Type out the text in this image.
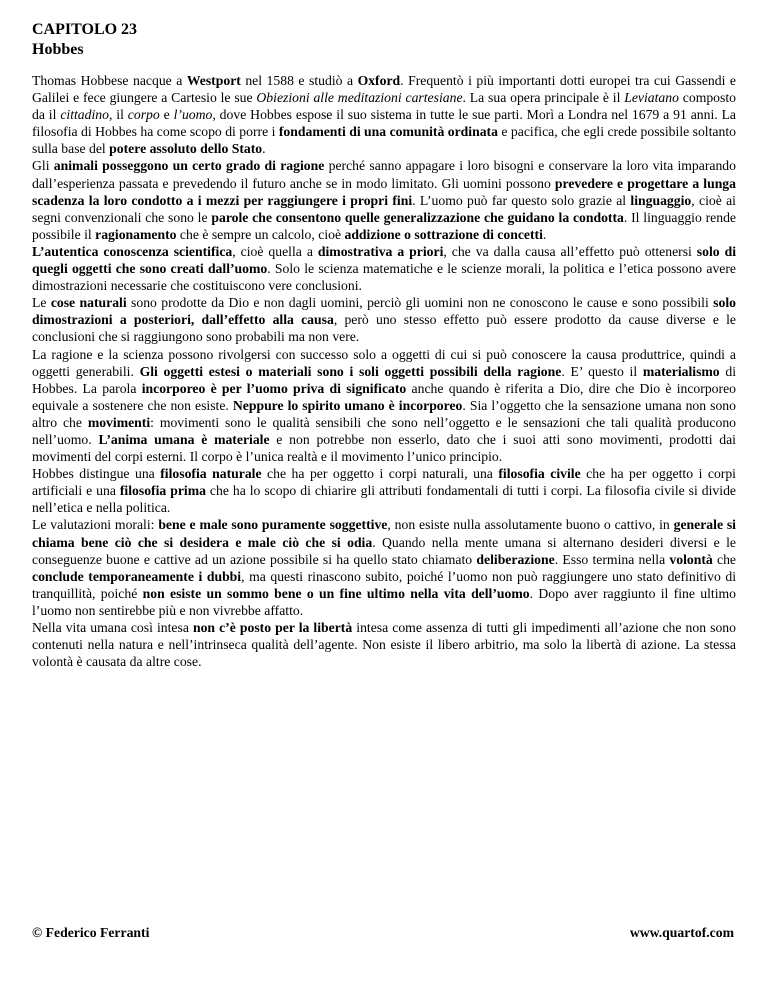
CAPITOLO 23
Hobbes

Thomas Hobbese nacque a Westport nel 1588 e studiò a Oxford. Frequentò i più importanti dotti europei tra cui Gassendi e Galilei e fece giungere a Cartesio le sue Obiezioni alle meditazioni cartesiane. La sua opera principale è il Leviatano composto da il cittadino, il corpo e l’uomo, dove Hobbes espose il suo sistema in tutte le sue parti. Morì a Londra nel 1679 a 91 anni. La filosofia di Hobbes ha come scopo di porre i fondamenti di una comunità ordinata e pacifica, che egli crede possibile soltanto sulla base del potere assoluto dello Stato.

Gli animali posseggono un certo grado di ragione perché sanno appagare i loro bisogni e conservare la loro vita imparando dall’esperienza passata e prevedendo il futuro anche se in modo limitato. Gli uomini possono prevedere e progettare a lunga scadenza la loro condotto a i mezzi per raggiungere i propri fini. L’uomo può far questo solo grazie al linguaggio, cioè ai segni convenzionali che sono le parole che consentono quelle generalizzazione che guidano la condotta. Il linguaggio rende possibile il ragionamento che è sempre un calcolo, cioè addizione o sottrazione di concetti.

L’autentica conoscenza scientifica, cioè quella a dimostrativa a priori, che va dalla causa all’effetto può ottenersi solo di quegli oggetti che sono creati dall’uomo. Solo le scienza matematiche e le scienze morali, la politica e l’etica possono avere dimostrazioni necessarie che costituiscono vere conclusioni.

Le cose naturali sono prodotte da Dio e non dagli uomini, perciò gli uomini non ne conoscono le cause e sono possibili solo dimostrazioni a posteriori, dall’effetto alla causa, però uno stesso effetto può essere prodotto da cause diverse e le conclusioni che si raggiungono sono probabili ma non vere.

La ragione e la scienza possono rivolgersi con successo solo a oggetti di cui si può conoscere la causa produttrice, quindi a oggetti generabili. Gli oggetti estesi o materiali sono i soli oggetti possibili della ragione. E’ questo il materialismo di Hobbes. La parola incorporeo è per l’uomo priva di significato anche quando è riferita a Dio, dire che Dio è incorporeo equivale a sostenere che non esiste. Neppure lo spirito umano è incorporeo. Sia l’oggetto che la sensazione umana non sono altro che movimenti: movimenti sono le qualità sensibili che sono nell’oggetto e le sensazioni che tali qualità producono nell’uomo. L’anima umana è materiale e non potrebbe non esserlo, dato che i suoi atti sono movimenti, prodotti dai movimenti del corpi esterni. Il corpo è l’unica realtà e il movimento l’unico principio.

Hobbes distingue una filosofia naturale che ha per oggetto i corpi naturali, una filosofia civile che ha per oggetto i corpi artificiali e una filosofia prima che ha lo scopo di chiarire gli attributi fondamentali di tutti i corpi. La filosofia civile si divide nell’etica e nella politica.

Le valutazioni morali: bene e male sono puramente soggettive, non esiste nulla assolutamente buono o cattivo, in generale si chiama bene ciò che si desidera e male ciò che si odia. Quando nella mente umana si alternano desideri diversi e le conseguenze buone e cattive ad un azione possibile si ha quello stato chiamato deliberazione. Esso termina nella volontà che conclude temporaneamente i dubbi, ma questi rinascono subito, poiché l’uomo non può raggiungere uno stato definitivo di tranquillità, poiché non esiste un sommo bene o un fine ultimo nella vita dell’uomo. Dopo aver raggiunto il fine ultimo l’uomo non sentirebbe più e non vivrebbe affatto.

Nella vita umana così intesa non c’è posto per la libertà intesa come assenza di tutti gli impedimenti all’azione che non sono contenuti nella natura e nell’intrinseca qualità dell’agente. Non esiste il libero arbitrio, ma solo la libertà di azione. La stessa volontà è causata da altre cose.

© Federico Ferranti	www.quartof.com
